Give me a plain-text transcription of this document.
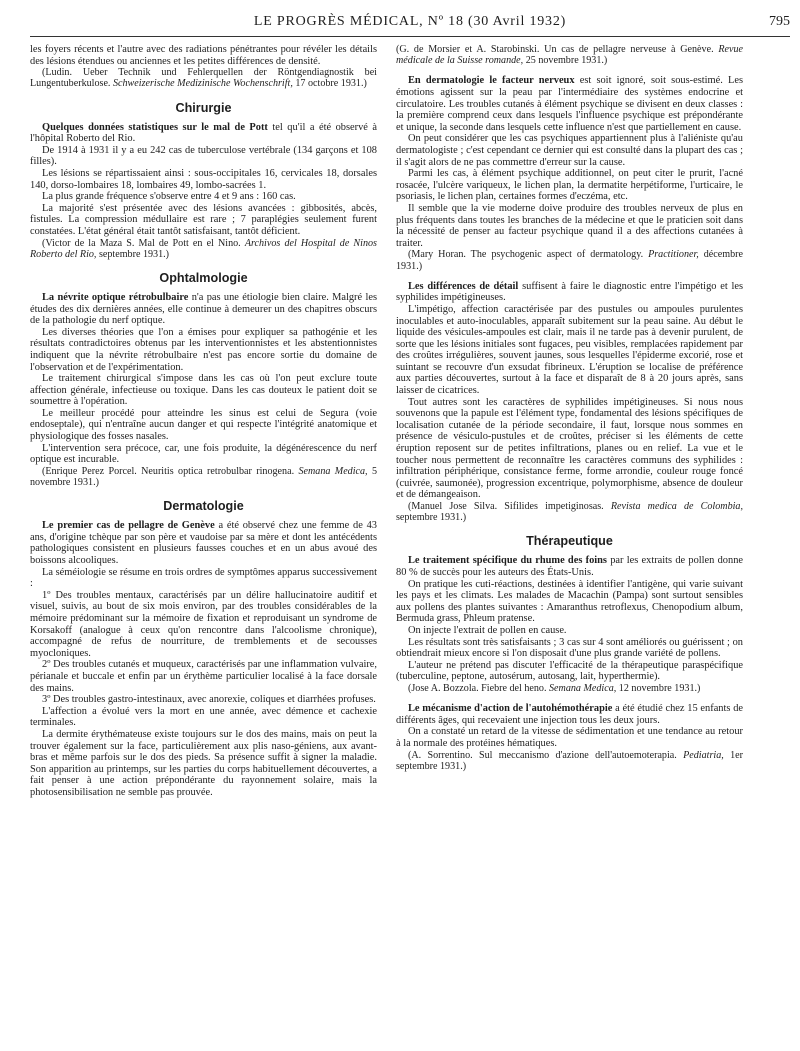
LE PROGRÈS MÉDICAL, Nº 18 (30 Avril 1932)	795

les foyers récents et l'autre avec des radiations pénétrantes pour révéler les détails des lésions étendues ou anciennes et les petites différences de densité.

(Ludin. Ueber Technik und Fehlerquellen der Röntgendiagnostik bei Lungentuberkulose. Schweizerische Medizinische Wochenschrift, 17 octobre 1931.)

Chirurgie

Quelques données statistiques sur le mal de Pott tel qu'il a été observé à l'hôpital Roberto del Rio.

De 1914 à 1931 il y a eu 242 cas de tuberculose vertébrale (134 garçons et 108 filles).

Les lésions se répartissaient ainsi : sous-occipitales 16, cervicales 18, dorsales 140, dorso-lombaires 18, lombaires 49, lombo-sacrées 1.

La plus grande fréquence s'observe entre 4 et 9 ans : 160 cas.

La majorité s'est présentée avec des lésions avancées : gibbosités, abcès, fistules. La compression médullaire est rare ; 7 paraplégies seulement furent constatées. L'état général était tantôt satisfaisant, tantôt déficient.

(Victor de la Maza S. Mal de Pott en el Nino. Archivos del Hospital de Ninos Roberto del Rio, septembre 1931.)

Ophtalmologie

La névrite optique rétrobulbaire n'a pas une étiologie bien claire. Malgré les études des dix dernières années, elle continue à demeurer un des chapitres obscurs de la pathologie du nerf optique.

Les diverses théories que l'on a émises pour expliquer sa pathogénie et les résultats contradictoires obtenus par les interventionnistes et les abstentionnistes indiquent que la névrite rétrobulbaire n'est pas encore sortie du domaine de l'observation et de l'expérimentation.

Le traitement chirurgical s'impose dans les cas où l'on peut exclure toute affection générale, infectieuse ou toxique. Dans les cas douteux le patient doit se soumettre à l'opération.

Le meilleur procédé pour atteindre les sinus est celui de Segura (voie endoseptale), qui n'entraîne aucun danger et qui respecte l'intégrité anatomique et physiologique des fosses nasales.

L'intervention sera précoce, car, une fois produite, la dégénérescence du nerf optique est incurable.

(Enrique Perez Porcel. Neuritis optica retrobulbar rinogena. Semana Medica, 5 novembre 1931.)

Dermatologie

Le premier cas de pellagre de Genève a été observé chez une femme de 43 ans, d'origine tchèque par son père et vaudoise par sa mère et dont les antécédents pathologiques consistent en plusieurs fausses couches et en un abus avoué des boissons alcooliques.

La séméiologie se résume en trois ordres de symptômes apparus successivement :

1º Des troubles mentaux, caractérisés par un délire hallucinatoire auditif et visuel, suivis, au bout de six mois environ, par des troubles considérables de la mémoire prédominant sur la mémoire de fixation et reproduisant un syndrome de Korsakoff (analogue à ceux qu'on rencontre dans l'alcoolisme chronique), accompagné de refus de nourriture, de tremblements et de secousses myocloniques.

2º Des troubles cutanés et muqueux, caractérisés par une inflammation vulvaire, périanale et buccale et enfin par un érythème particulier localisé à la face dorsale des mains.

3º Des troubles gastro-intestinaux, avec anorexie, coliques et diarrhées profuses.

L'affection a évolué vers la mort en une année, avec démence et cachexie terminales.

La dermite érythémateuse existe toujours sur le dos des mains, mais on peut la trouver également sur la face, particulièrement aux plis naso-géniens, aux avant-bras et même parfois sur le dos des pieds. Sa présence suffit à signer la maladie. Son apparition au printemps, sur les parties du corps habituellement découvertes, a fait penser à une action prépondérante du rayonnement solaire, mais la photosensibilisation ne semble pas prouvée.

(G. de Morsier et A. Starobinski. Un cas de pellagre nerveuse à Genève. Revue médicale de la Suisse romande, 25 novembre 1931.)

En dermatologie le facteur nerveux est soit ignoré, soit sous-estimé. Les émotions agissent sur la peau par l'intermédiaire des systèmes endocrine et circulatoire. Les troubles cutanés à élément psychique se divisent en deux classes : la première comprend ceux dans lesquels l'influence psychique est prépondérante et unique, la seconde dans lesquels cette influence n'est que partiellement en cause.

On peut considérer que les cas psychiques appartiennent plus à l'aliéniste qu'au dermatologiste ; c'est cependant ce dernier qui est consulté dans la plupart des cas ; il s'agit alors de ne pas commettre d'erreur sur la cause.

Parmi les cas, à élément psychique additionnel, on peut citer le prurit, l'acné rosacée, l'ulcère variqueux, le lichen plan, la dermatite herpétiforme, l'urticaire, le psoriasis, le lichen plan, certaines formes d'eczéma, etc.

Il semble que la vie moderne doive produire des troubles nerveux de plus en plus fréquents dans toutes les branches de la médecine et que le praticien soit dans la nécessité de penser au facteur psychique quand il a des affections cutanées à traiter.

(Mary Horan. The psychogenic aspect of dermatology. Practitioner, décembre 1931.)

Les différences de détail suffisent à faire le diagnostic entre l'impétigo et les syphilides impétigineuses.

L'impétigo, affection caractérisée par des pustules ou ampoules purulentes inoculables et auto-inoculables, apparaît subitement sur la peau saine. Au début le liquide des vésicules-ampoules est clair, mais il ne tarde pas à devenir purulent, de sorte que les lésions initiales sont fugaces, peu visibles, remplacées rapidement par des croûtes irrégulières, souvent jaunes, sous lesquelles l'épiderme excorié, rose et suintant se recouvre d'un exsudat fibrineux. L'éruption se localise de préférence aux parties découvertes, surtout à la face et disparaît de 8 à 20 jours après, sans laisser de cicatrices.

Tout autres sont les caractères de syphilides impétigineuses. Si nous nous souvenons que la papule est l'élément type, fondamental des lésions spécifiques de localisation cutanée de la période secondaire, il faut, lorsque nous sommes en présence de vésiculo-pustules et de croûtes, préciser si les éléments de cette éruption reposent sur de petites infiltrations, planes ou en relief. La vue et le toucher nous permettent de reconnaître les caractères communs des syphilides : infiltration périphérique, consistance ferme, forme arrondie, couleur rouge foncé (cuivrée, saumonée), progression excentrique, polymorphisme, absence de douleur et de démangeaison.

(Manuel Jose Silva. Sifilides impetiginosas. Revista medica de Colombia, septembre 1931.)

Thérapeutique

Le traitement spécifique du rhume des foins par les extraits de pollen donne 80 % de succès pour les auteurs des États-Unis.

On pratique les cuti-réactions, destinées à identifier l'antigène, qui varie suivant les pays et les climats. Les malades de Macachin (Pampa) sont surtout sensibles aux pollens des plantes suivantes : Amaranthus retroflexus, Chenopodium album, Bermuda grass, Phleum pratense.

On injecte l'extrait de pollen en cause.

Les résultats sont très satisfaisants ; 3 cas sur 4 sont améliorés ou guérissent ; on obtiendrait mieux encore si l'on disposait d'une plus grande variété de pollens.

L'auteur ne prétend pas discuter l'efficacité de la thérapeutique paraspécifique (tuberculine, peptone, autosérum, autosang, lait, hyperthermie).

(Jose A. Bozzola. Fiebre del heno. Semana Medica, 12 novembre 1931.)

Le mécanisme d'action de l'autohémothérapie a été étudié chez 15 enfants de différents âges, qui recevaient une injection tous les deux jours.

On a constaté un retard de la vitesse de sédimentation et une tendance au retour à la normale des protéines hématiques.

(A. Sorrentino. Sul meccanismo d'azione dell'autoemoterapia. Pediatria, 1er septembre 1931.)
